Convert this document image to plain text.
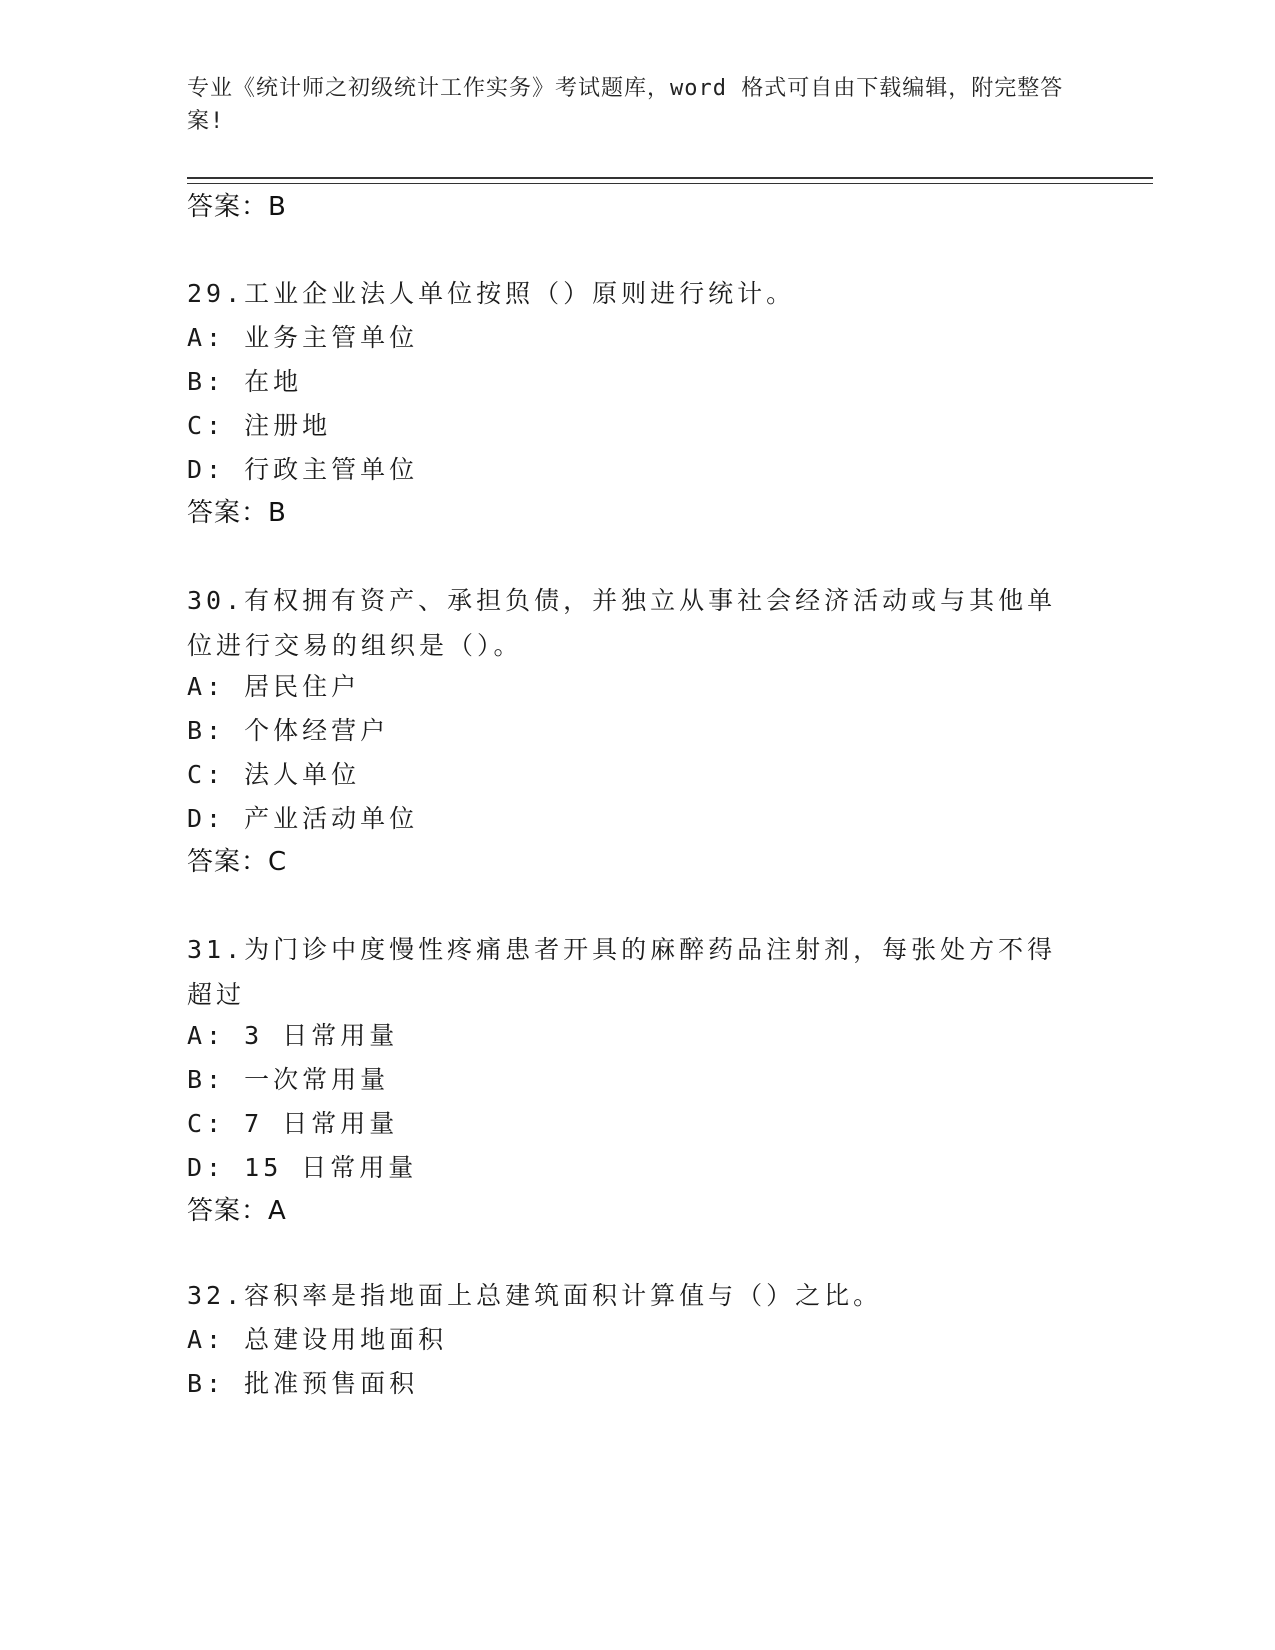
专业《统计师之初级统计工作实务》考试题库，word 格式可自由下载编辑，附完整答案!
答案：B
29.工业企业法人单位按照（）原则进行统计。
A: 业务主管单位
B: 在地
C: 注册地
D: 行政主管单位
答案：B
30.有权拥有资产、承担负债，并独立从事社会经济活动或与其他单位进行交易的组织是（）。
A: 居民住户
B: 个体经营户
C: 法人单位
D: 产业活动单位
答案：C
31.为门诊中度慢性疼痛患者开具的麻醉药品注射剂，每张处方不得超过
A: 3 日常用量
B: 一次常用量
C: 7 日常用量
D: 15 日常用量
答案：A
32.容积率是指地面上总建筑面积计算值与（）之比。
A: 总建设用地面积
B: 批准预售面积
